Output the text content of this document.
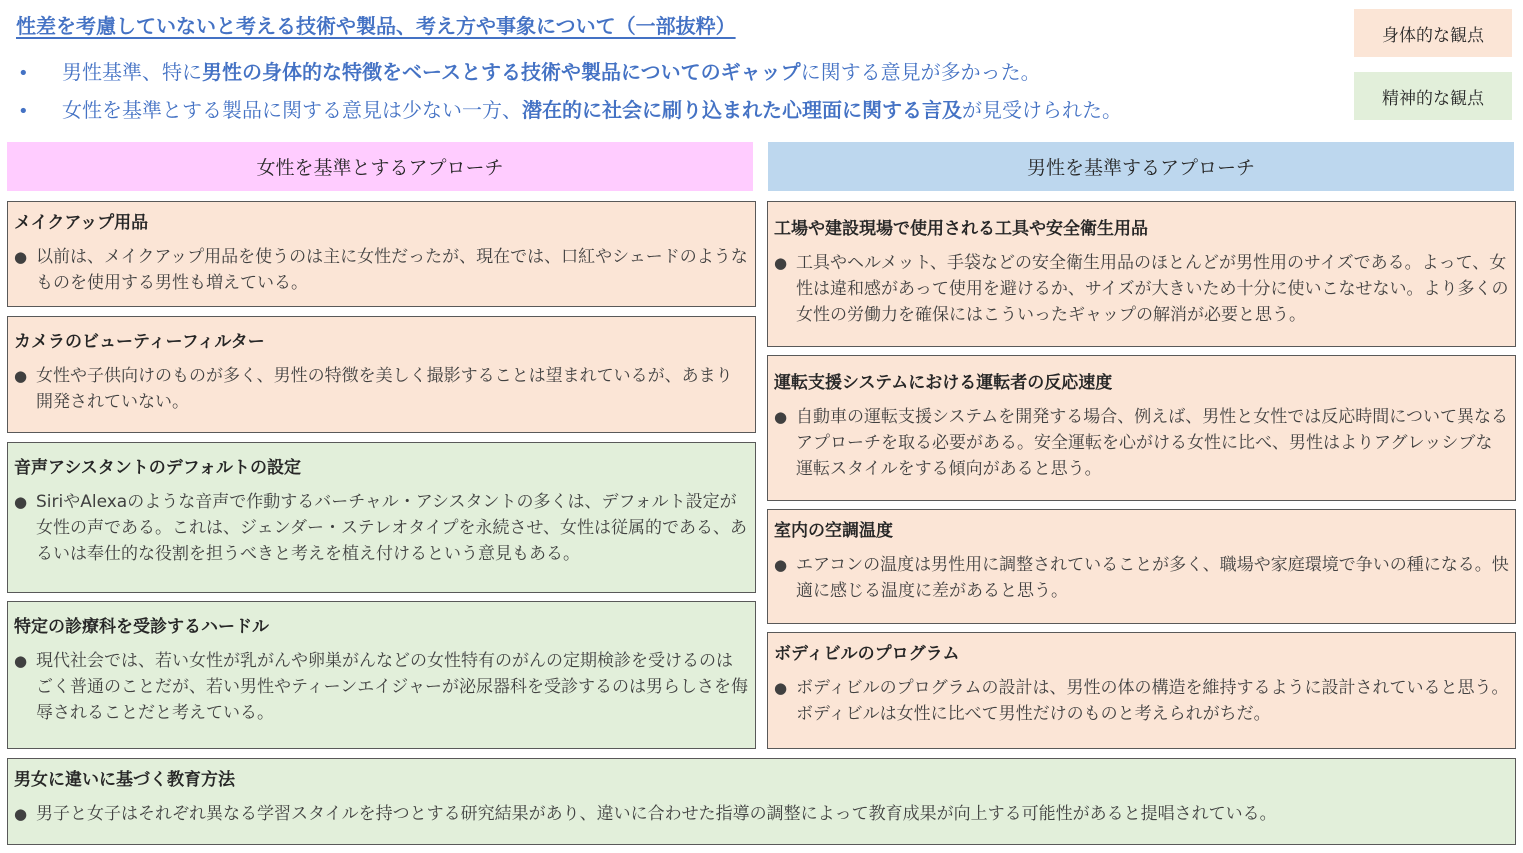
性差を考慮していないと考える技術や製品、考え方や事象について（一部抜粋）
• 男性基準、特に男性の身体的な特徴をベースとする技術や製品についてのギャップに関する意見が多かった。
• 女性を基準とする製品に関する意見は少ない一方、潜在的に社会に刷り込まれた心理面に関する言及が見受けられた。
身体的な観点
精神的な観点
女性を基準とするアプローチ	男性を基準するアプローチ
メイクアップ用品
● 以前は、メイクアップ用品を使うのは主に女性だったが、現在では、口紅やシェードのようなものを使用する男性も増えている。

カメラのビューティーフィルター
● 女性や子供向けのものが多く、男性の特徴を美しく撮影することは望まれているが、あまり開発されていない。

音声アシスタントのデフォルトの設定
● SiriやAlexaのような音声で作動するバーチャル・アシスタントの多くは、デフォルト設定が女性の声である。これは、ジェンダー・ステレオタイプを永続させ、女性は従属的である、あるいは奉仕的な役割を担うべきと考えを植え付けるという意見もある。

特定の診療科を受診するハードル
● 現代社会では、若い女性が乳がんや卵巣がんなどの女性特有のがんの定期検診を受けるのはごく普通のことだが、若い男性やティーンエイジャーが泌尿器科を受診するのは男らしさを侮辱されることだと考えている。

工場や建設現場で使用される工具や安全衛生用品
● 工具やヘルメット、手袋などの安全衛生用品のほとんどが男性用のサイズである。よって、女性は違和感があって使用を避けるか、サイズが大きいため十分に使いこなせない。より多くの女性の労働力を確保にはこういったギャップの解消が必要と思う。

運転支援システムにおける運転者の反応速度
● 自動車の運転支援システムを開発する場合、例えば、男性と女性では反応時間について異なるアプローチを取る必要がある。安全運転を心がける女性に比べ、男性はよりアグレッシブな運転スタイルをする傾向があると思う。

室内の空調温度
● エアコンの温度は男性用に調整されていることが多く、職場や家庭環境で争いの種になる。快適に感じる温度に差があると思う。

ボディビルのプログラム
● ボディビルのプログラムの設計は、男性の体の構造を維持するように設計されていると思う。ボディビルは女性に比べて男性だけのものと考えられがちだ。

男女に違いに基づく教育方法
● 男子と女子はそれぞれ異なる学習スタイルを持つとする研究結果があり、違いに合わせた指導の調整によって教育成果が向上する可能性があると提唱されている。
